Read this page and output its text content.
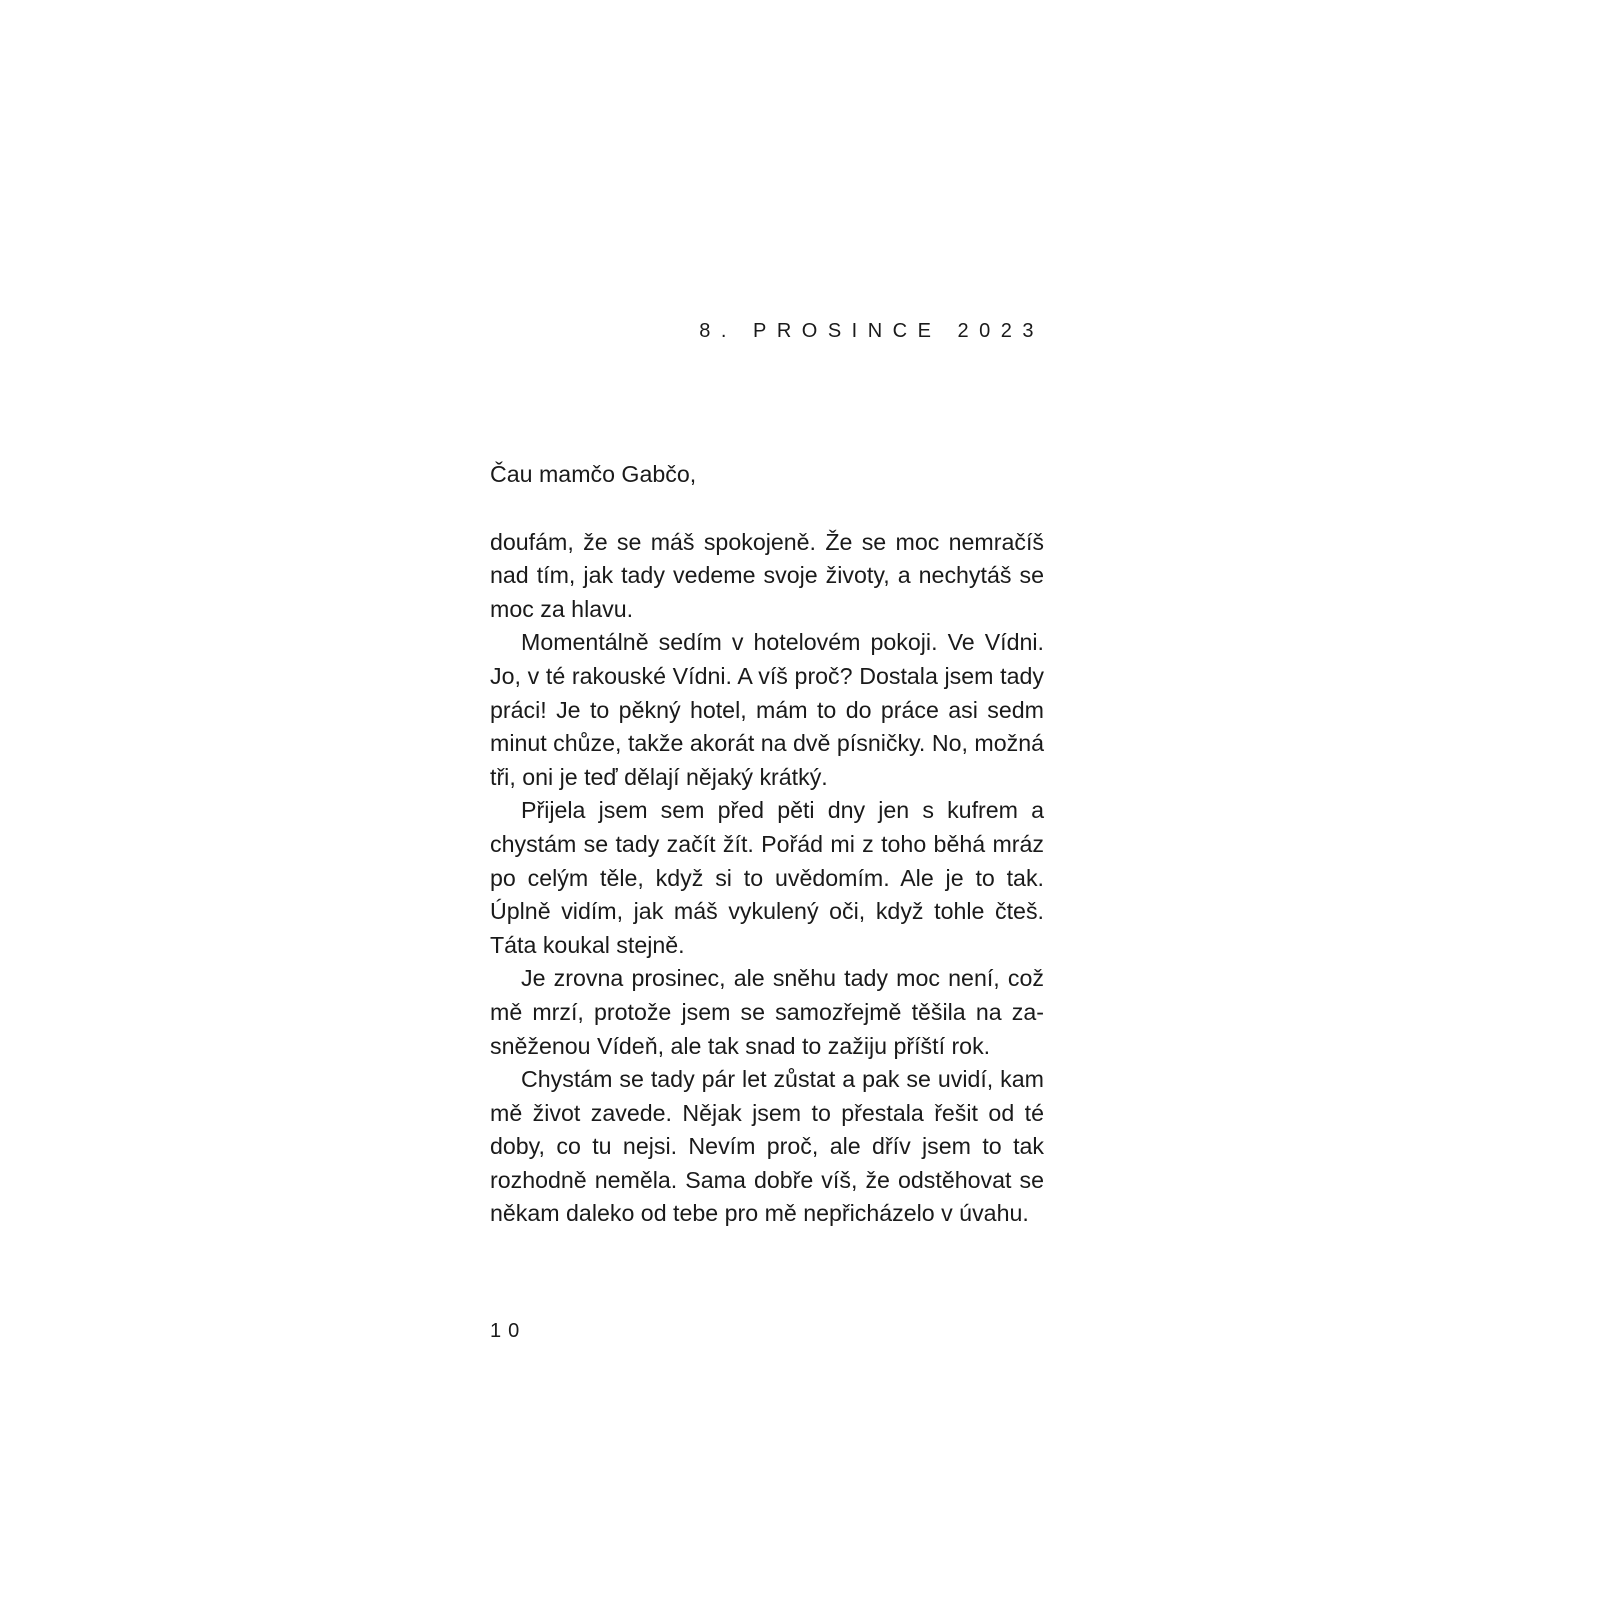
8. PROSINCE 2023

Čau mamčo Gabčo,

doufám, že se máš spokojeně. Že se moc nemračíš nad tím, jak tady vedeme svoje životy, a nechytáš se moc za hlavu.

Momentálně sedím v hotelovém pokoji. Ve Vídni. Jo, v té rakouské Vídni. A víš proč? Dostala jsem tady práci! Je to pěkný hotel, mám to do práce asi sedm minut chůze, takže akorát na dvě písničky. No, možná tři, oni je teď dělají nějaký krátký.

Přijela jsem sem před pěti dny jen s kufrem a chystám se tady začít žít. Pořád mi z toho běhá mráz po celým těle, když si to uvědomím. Ale je to tak. Úplně vidím, jak máš vykulený oči, když tohle čteš. Táta koukal stejně.

Je zrovna prosinec, ale sněhu tady moc není, což mě mrzí, protože jsem se samozřejmě těšila na zasněženou Vídeň, ale tak snad to zažiju příští rok.

Chystám se tady pár let zůstat a pak se uvidí, kam mě život zavede. Nějak jsem to přestala řešit od té doby, co tu nejsi. Nevím proč, ale dřív jsem to tak rozhodně neměla. Sama dobře víš, že odstěhovat se někam daleko od tebe pro mě nepřicházelo v úvahu.

10
